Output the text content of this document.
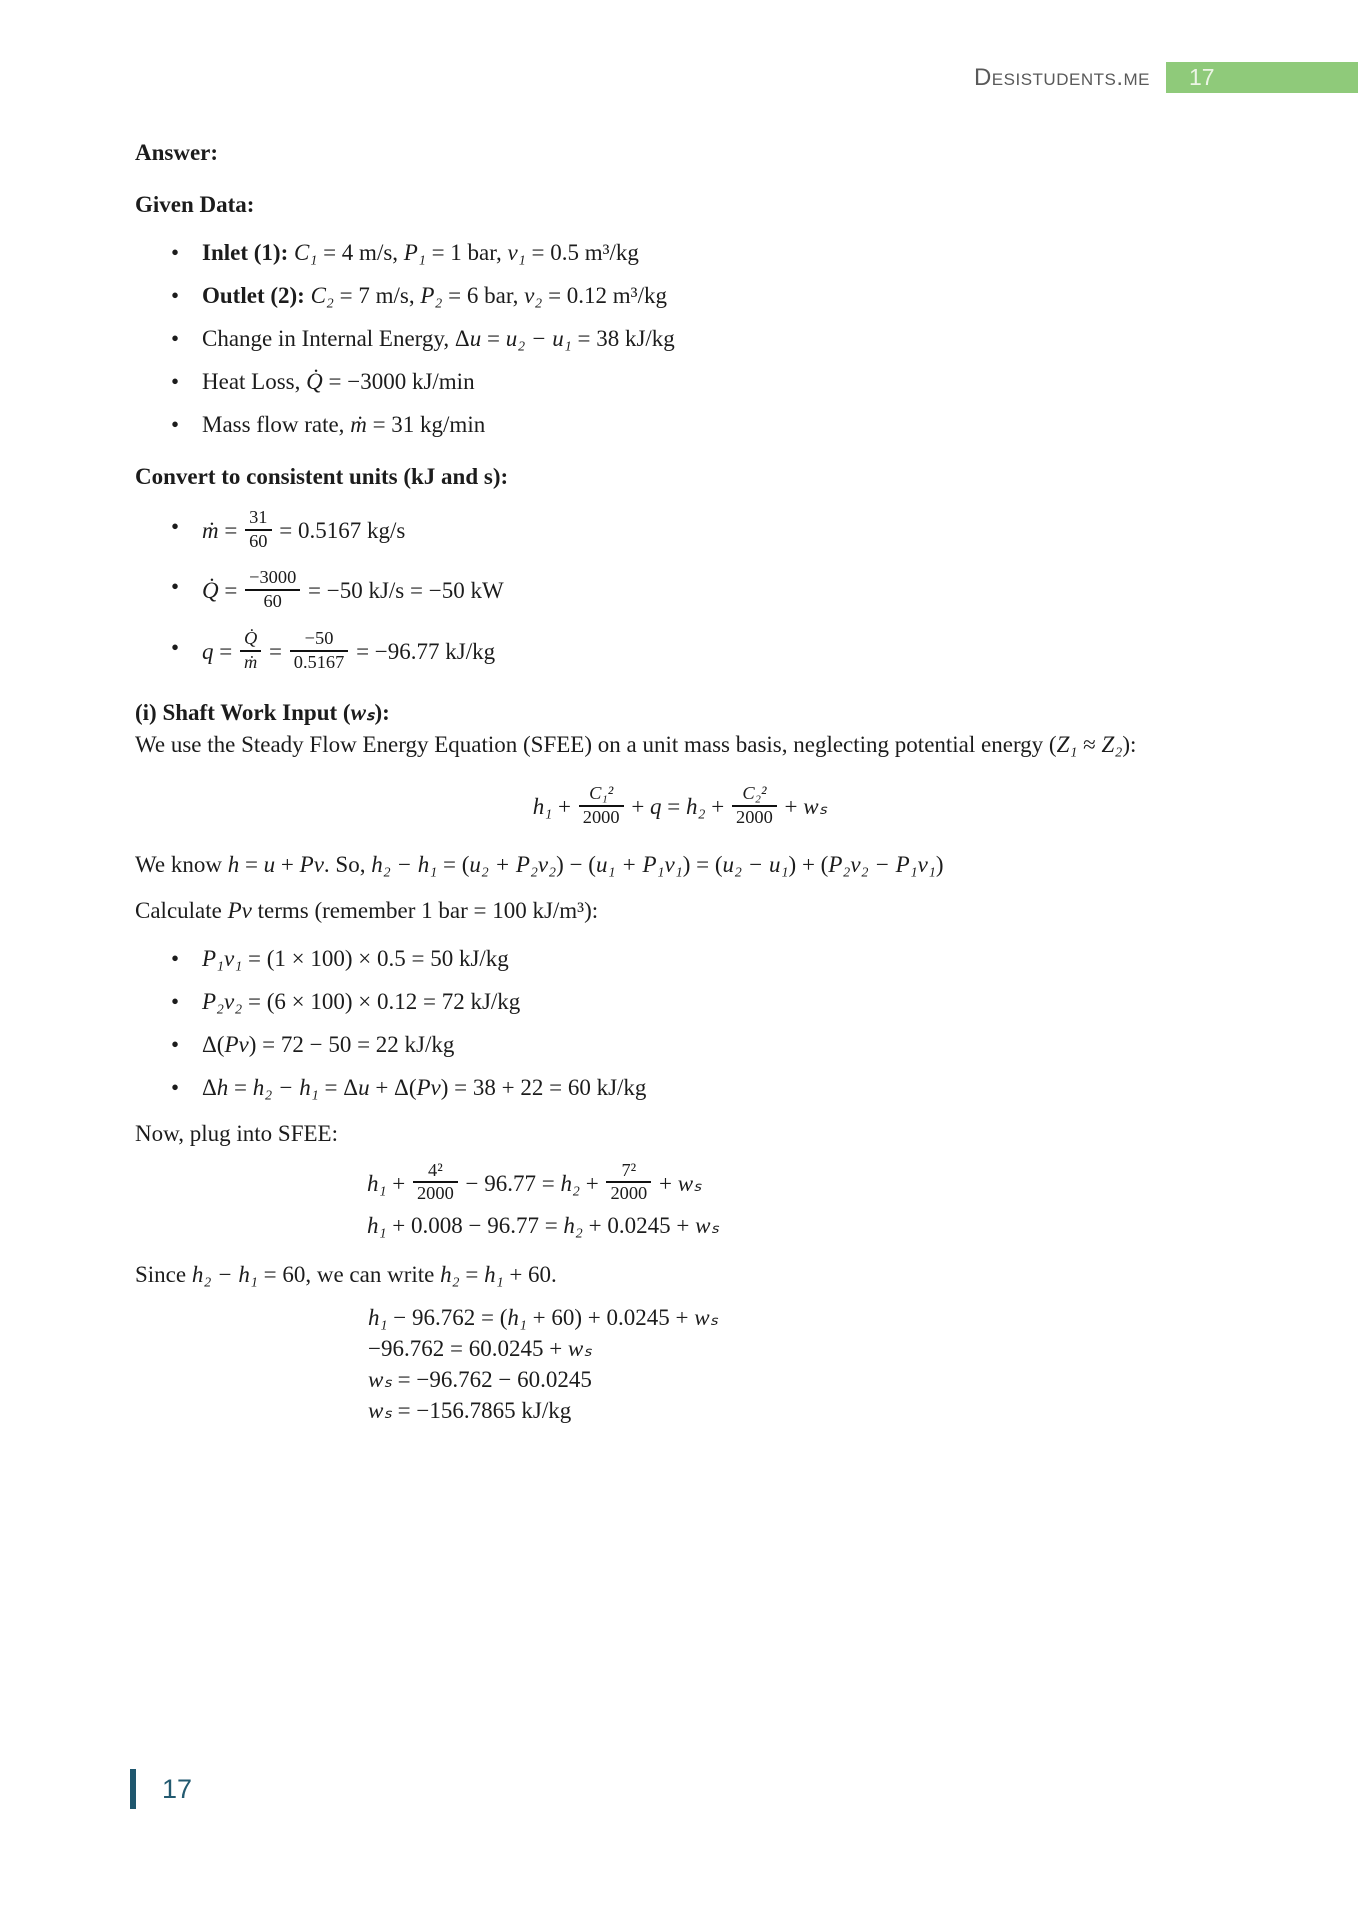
Desistudents.me	17
Answer:
Given Data:
• Inlet (1): C₁ = 4 m/s, P₁ = 1 bar, v₁ = 0.5 m³/kg
• Outlet (2): C₂ = 7 m/s, P₂ = 6 bar, v₂ = 0.12 m³/kg
• Change in Internal Energy, Δu = u₂ − u₁ = 38 kJ/kg
• Heat Loss, Q̇ = −3000 kJ/min
• Mass flow rate, ṁ = 31 kg/min
Convert to consistent units (kJ and s):
• ṁ = $\frac{31}{60} = 0.5167$ kg/s
• Q̇ = $\frac{-3000}{60} = -50$ kJ/s = −50 kW
• $q = \frac{Q̇}{\text{ṁ}} = \frac{-50}{0.5167} = -96.77$ kJ/kg
(i) Shaft Work Input (wₛ):

We use the Steady Flow Energy Equation (SFEE) on a unit mass basis, neglecting potential energy (Z₁ ≈ Z₂):

$h_1 + \frac{\text{C₁²}}{2000} + q = h_2 + \frac{\text{C₂²}}{2000} + w_s$

We know h = u + Pv. So, h₂ − h₁ = (u₂ + P₂v₂) − (u₁ + P₁v₁) = (u₂ − u₁) + (P₂v₂ − P₁v₁)

Calculate Pv terms (remember 1 bar = 100 kJ/m³):

• P₁v₁ = (1 × 100) × 0.5 = 50 kJ/kg
• P₂v₂ = (6 × 100) × 0.12 = 72 kJ/kg
• Δ(Pv) = 72 − 50 = 22 kJ/kg
• Δh = h₂ − h₁ = Δu + Δ(Pv) = 38 + 22 = 60 kJ/kg

Now, plug into SFEE:

$h_1 + \frac{\text{4²}}{2000} - 96.77 = h_2 + \frac{\text{7²}}{2000} + w_s$
h₁ + 0.008 − 96.77 = h₂ + 0.0245 + wₛ

Since h₂ − h₁ = 60, we can write h₂ = h₁ + 60.

h₁ − 96.762 = (h₁ + 60) + 0.0245 + wₛ
−96.762 = 60.0245 + wₛ
wₛ = −96.762 − 60.0245
wₛ = −156.7865 kJ/kg
17
